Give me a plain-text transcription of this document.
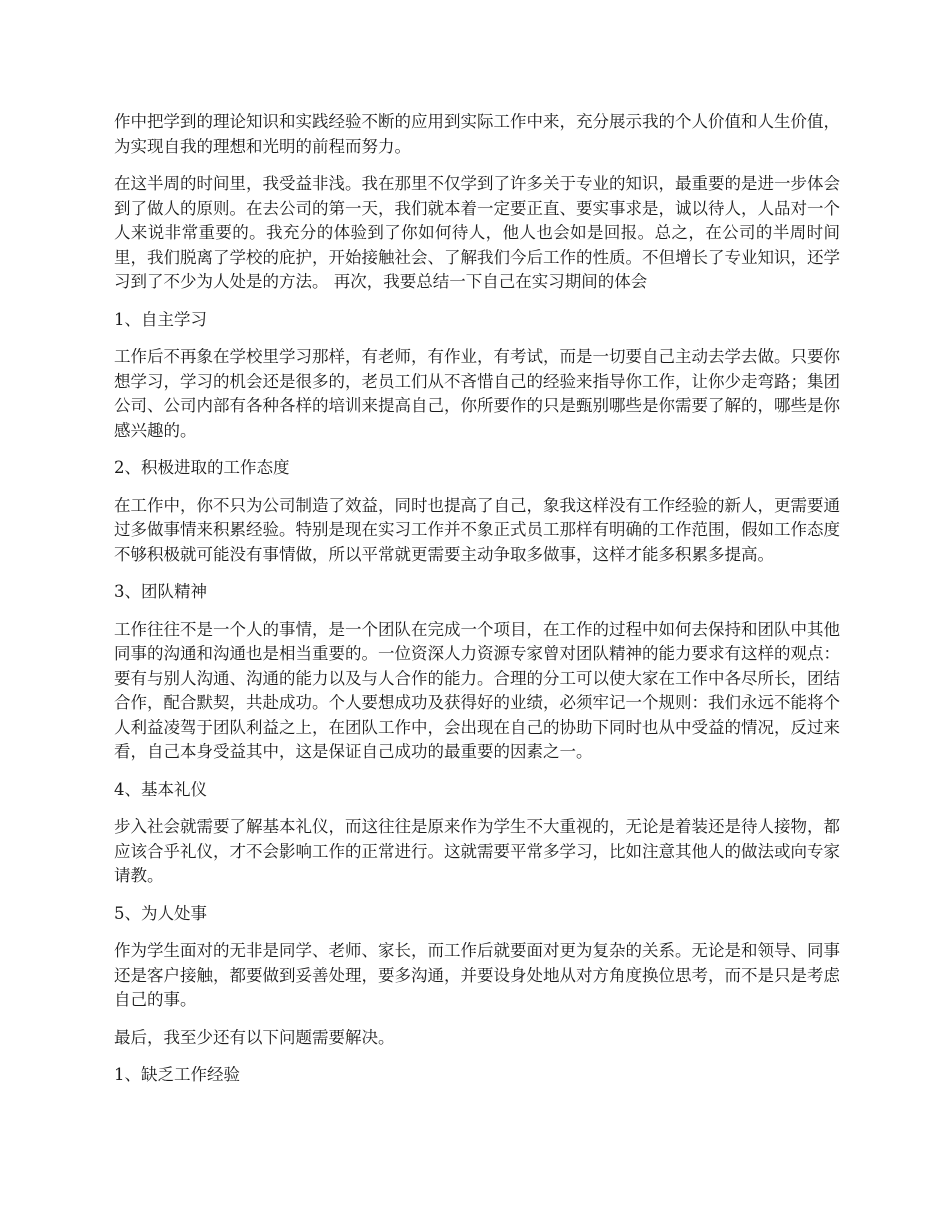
作中把学到的理论知识和实践经验不断的应用到实际工作中来，充分展示我的个人价值和人生价值，为实现自我的理想和光明的前程而努力。

在这半周的时间里，我受益非浅。我在那里不仅学到了许多关于专业的知识，最重要的是进一步体会到了做人的原则。在去公司的第一天，我们就本着一定要正直、要实事求是，诚以待人，人品对一个人来说非常重要的。我充分的体验到了你如何待人，他人也会如是回报。总之，在公司的半周时间里，我们脱离了学校的庇护，开始接触社会、了解我们今后工作的性质。不但增长了专业知识，还学习到了不少为人处是的方法。 再次，我要总结一下自己在实习期间的体会

1、自主学习

工作后不再象在学校里学习那样，有老师，有作业，有考试，而是一切要自己主动去学去做。只要你想学习，学习的机会还是很多的，老员工们从不吝惜自己的经验来指导你工作，让你少走弯路；集团公司、公司内部有各种各样的培训来提高自己，你所要作的只是甄别哪些是你需要了解的，哪些是你感兴趣的。

2、积极进取的工作态度

在工作中，你不只为公司制造了效益，同时也提高了自己，象我这样没有工作经验的新人，更需要通过多做事情来积累经验。特别是现在实习工作并不象正式员工那样有明确的工作范围，假如工作态度不够积极就可能没有事情做，所以平常就更需要主动争取多做事，这样才能多积累多提高。

3、团队精神

工作往往不是一个人的事情，是一个团队在完成一个项目，在工作的过程中如何去保持和团队中其他同事的沟通和沟通也是相当重要的。一位资深人力资源专家曾对团队精神的能力要求有这样的观点：要有与别人沟通、沟通的能力以及与人合作的能力。合理的分工可以使大家在工作中各尽所长，团结合作，配合默契，共赴成功。个人要想成功及获得好的业绩，必须牢记一个规则：我们永远不能将个人利益凌驾于团队利益之上，在团队工作中，会出现在自己的协助下同时也从中受益的情况，反过来看，自己本身受益其中，这是保证自己成功的最重要的因素之一。

4、基本礼仪

步入社会就需要了解基本礼仪，而这往往是原来作为学生不大重视的，无论是着装还是待人接物，都应该合乎礼仪，才不会影响工作的正常进行。这就需要平常多学习，比如注意其他人的做法或向专家请教。

5、为人处事

作为学生面对的无非是同学、老师、家长，而工作后就要面对更为复杂的关系。无论是和领导、同事还是客户接触，都要做到妥善处理，要多沟通，并要设身处地从对方角度换位思考，而不是只是考虑自己的事。

最后，我至少还有以下问题需要解决。

1、缺乏工作经验
